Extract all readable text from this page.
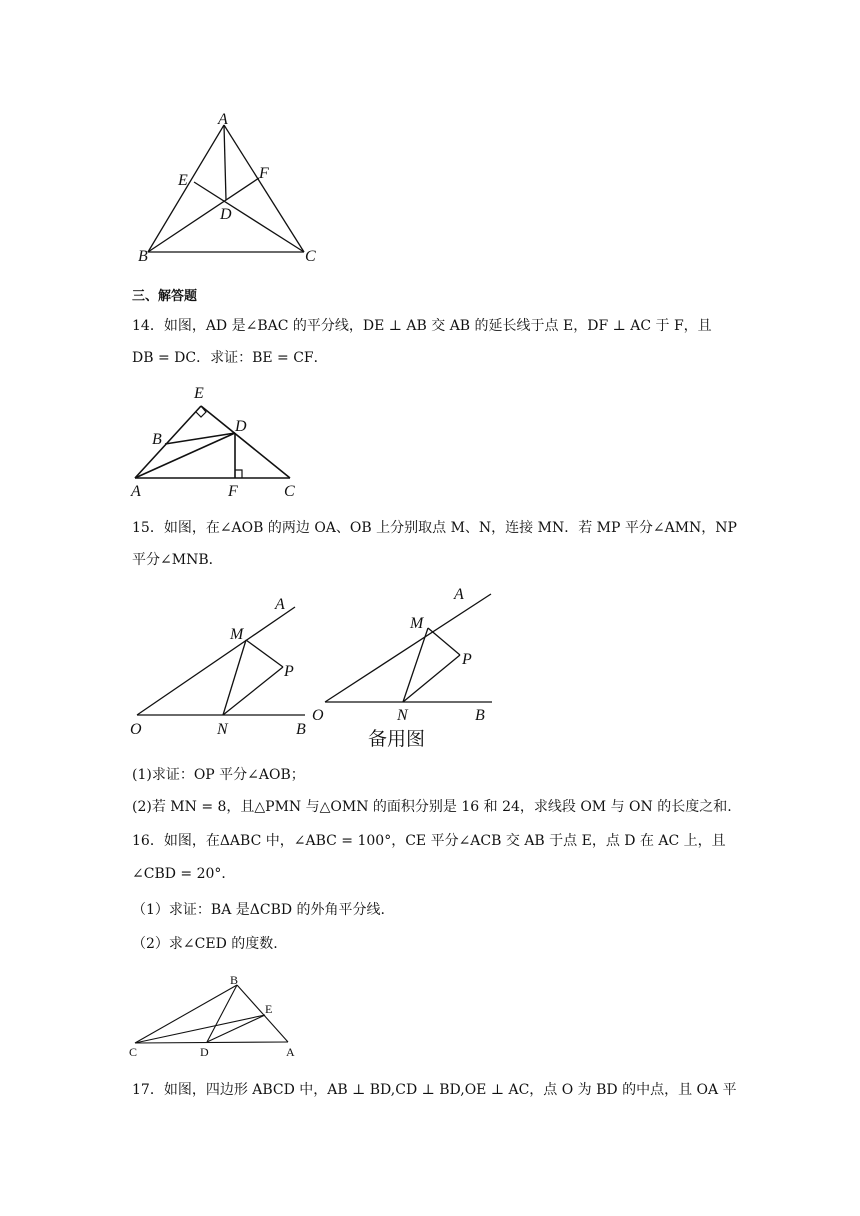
A
E	F
D
B	C
三、解答题
14．如图，AD 是∠BAC 的平分线，DE ⊥ AB 交 AB 的延长线于点 E，DF ⊥ AC 于 F，且
DB = DC．求证：BE = CF．
E
D
B
A	F	C
15．如图，在∠AOB 的两边 OA、OB 上分别取点 M、N，连接 MN．若 MP 平分∠AMN，NP
平分∠MNB．
A
M
P
O	N	B
A
M
P
O	N	B
备用图
(1)求证：OP 平分∠AOB；
(2)若 MN = 8，且△PMN 与△OMN 的面积分别是 16 和 24，求线段 OM 与 ON 的长度之和.
16．如图，在ΔABC 中，∠ABC = 100°，CE 平分∠ACB 交 AB 于点 E，点 D 在 AC 上，且
∠CBD = 20°．
（1）求证：BA 是ΔCBD 的外角平分线.
（2）求∠CED 的度数.
B
E
C	D	A
17．如图，四边形 ABCD 中，AB ⊥ BD,CD ⊥ BD,OE ⊥ AC，点 O 为 BD 的中点，且 OA 平
